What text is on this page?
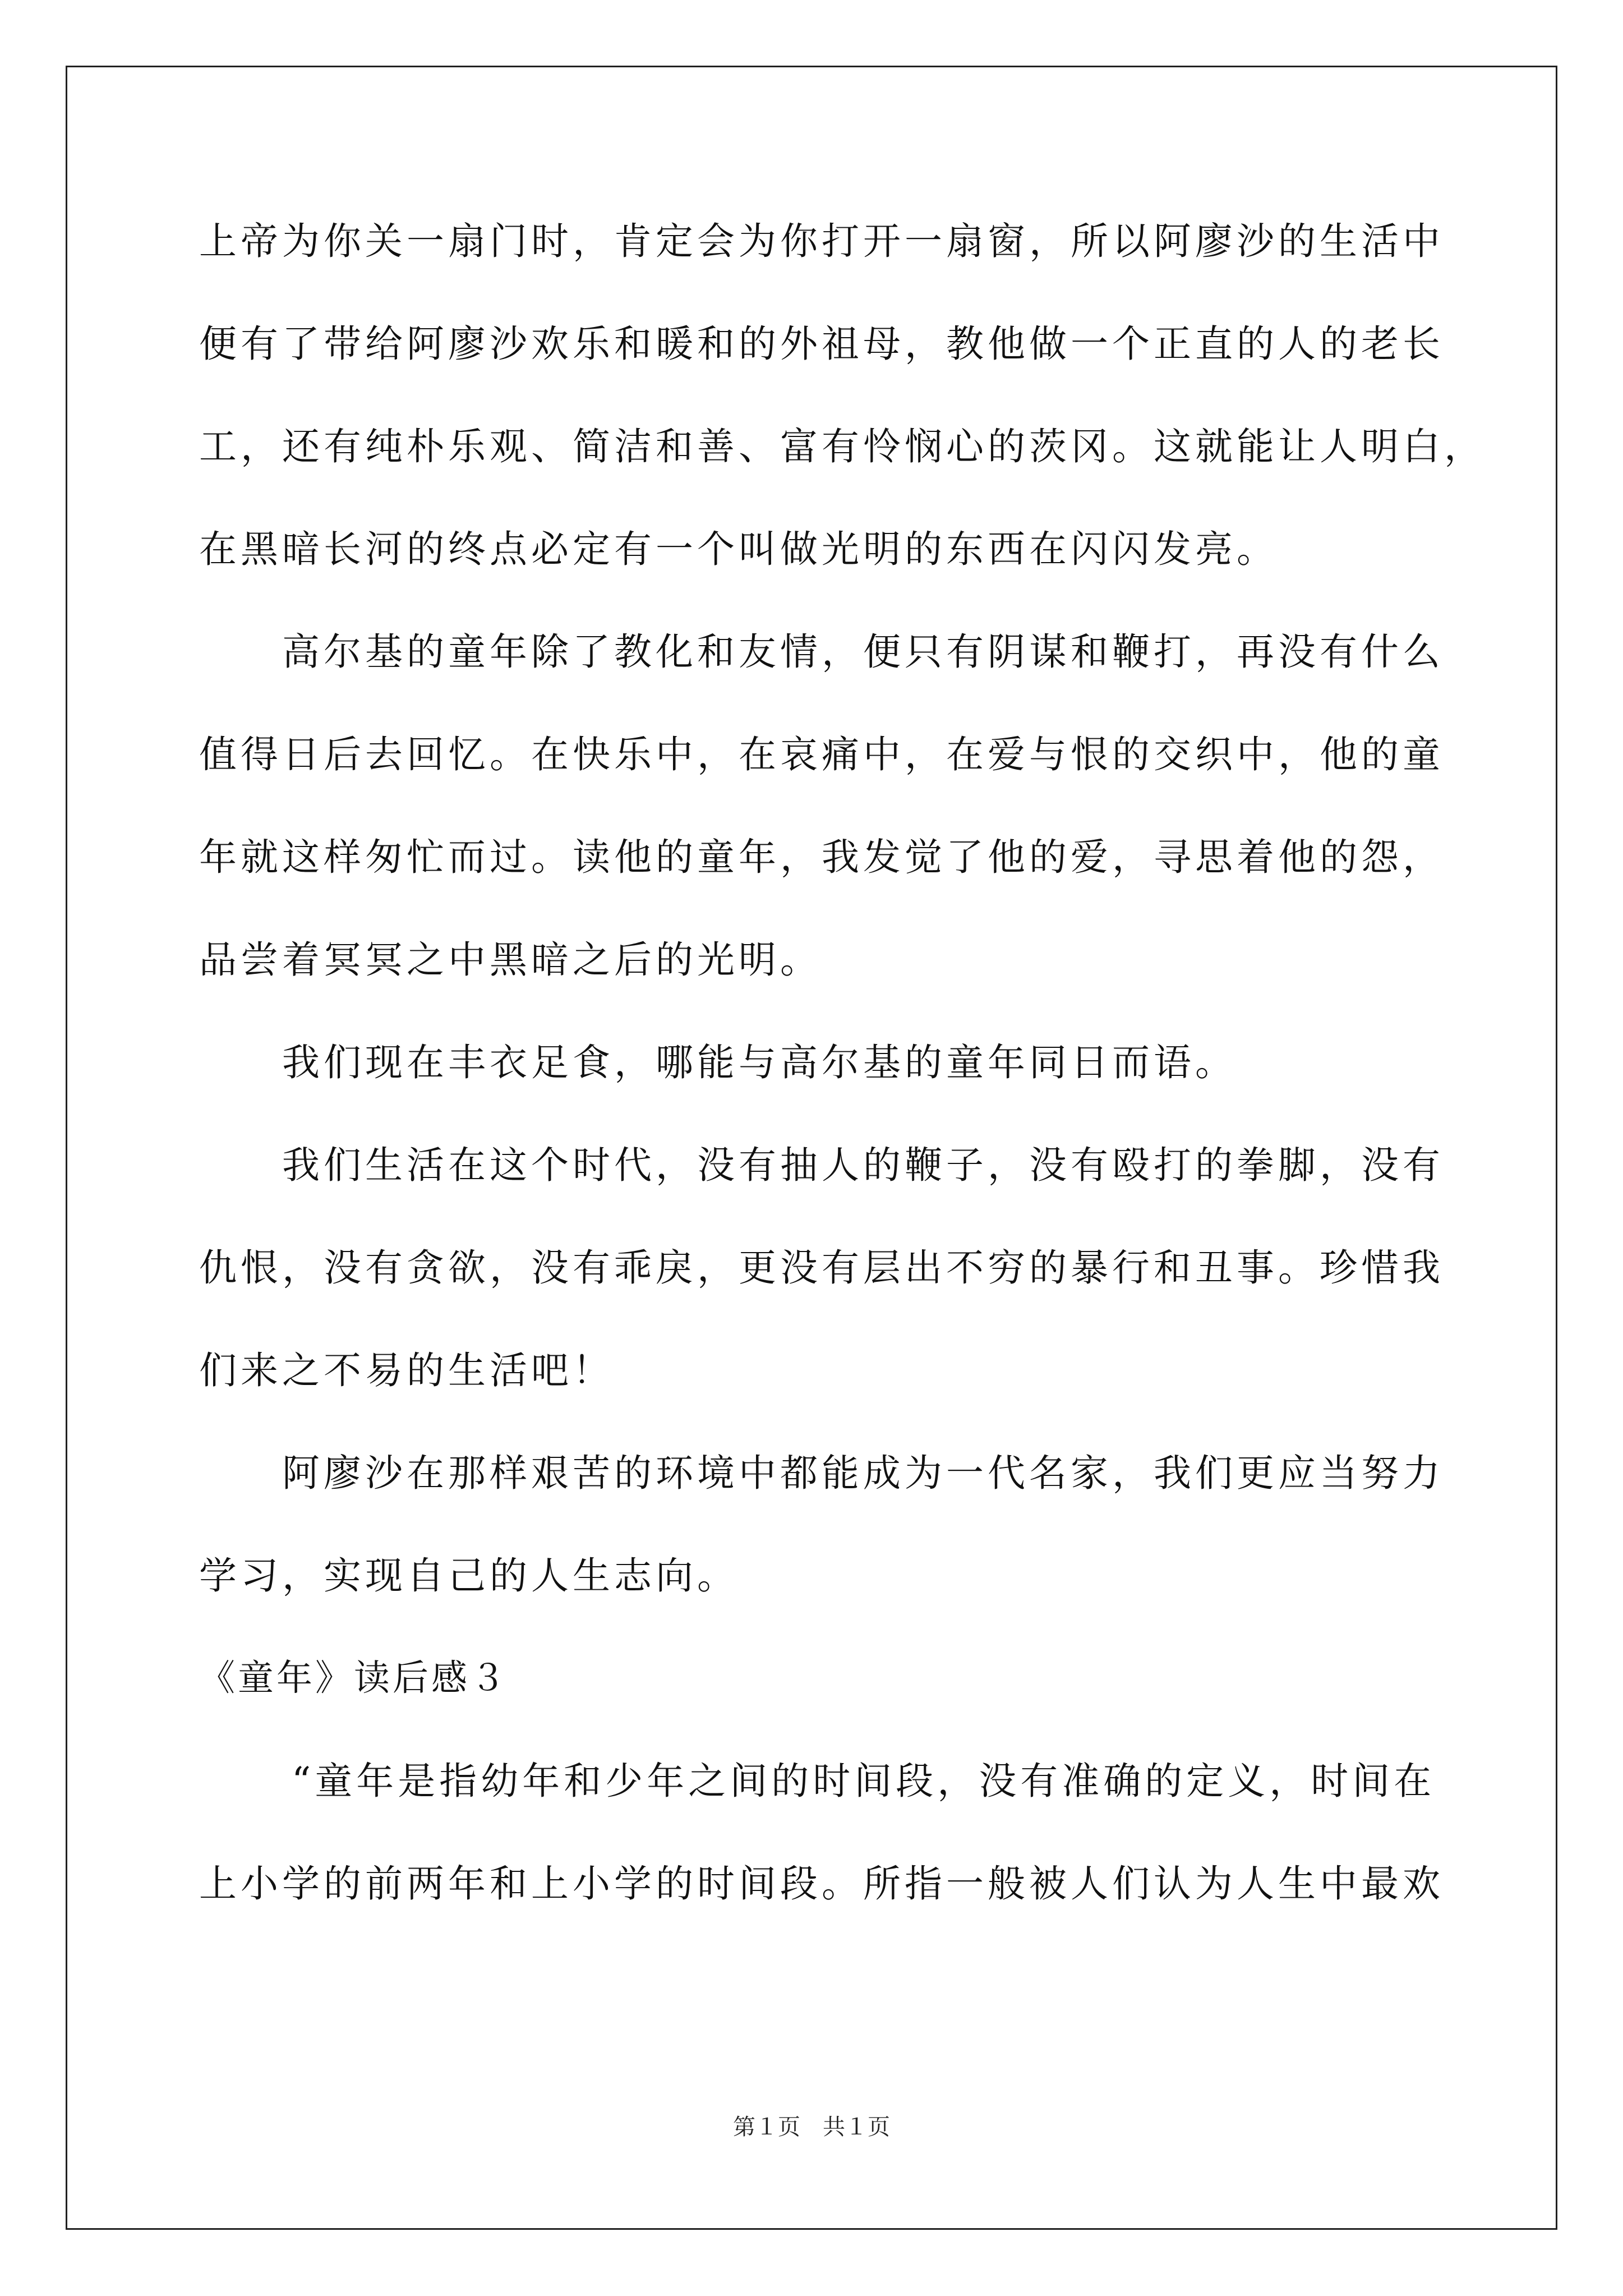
上帝为你关一扇门时，肯定会为你打开一扇窗，所以阿廖沙的生活中
便有了带给阿廖沙欢乐和暖和的外祖母，教他做一个正直的人的老长
工，还有纯朴乐观、简洁和善、富有怜悯心的茨冈。这就能让人明白，
在黑暗长河的终点必定有一个叫做光明的东西在闪闪发亮。
高尔基的童年除了教化和友情，便只有阴谋和鞭打，再没有什么
值得日后去回忆。在快乐中，在哀痛中，在爱与恨的交织中，他的童
年就这样匆忙而过。读他的童年，我发觉了他的爱，寻思着他的怨，
品尝着冥冥之中黑暗之后的光明。
我们现在丰衣足食，哪能与高尔基的童年同日而语。
我们生活在这个时代，没有抽人的鞭子，没有殴打的拳脚，没有
仇恨，没有贪欲，没有乖戾，更没有层出不穷的暴行和丑事。珍惜我
们来之不易的生活吧！
阿廖沙在那样艰苦的环境中都能成为一代名家，我们更应当努力
学习，实现自己的人生志向。
《童年》读后感３
“童年是指幼年和少年之间的时间段，没有准确的定义，时间在
上小学的前两年和上小学的时间段。所指一般被人们认为人生中最欢
第１页　共１页
